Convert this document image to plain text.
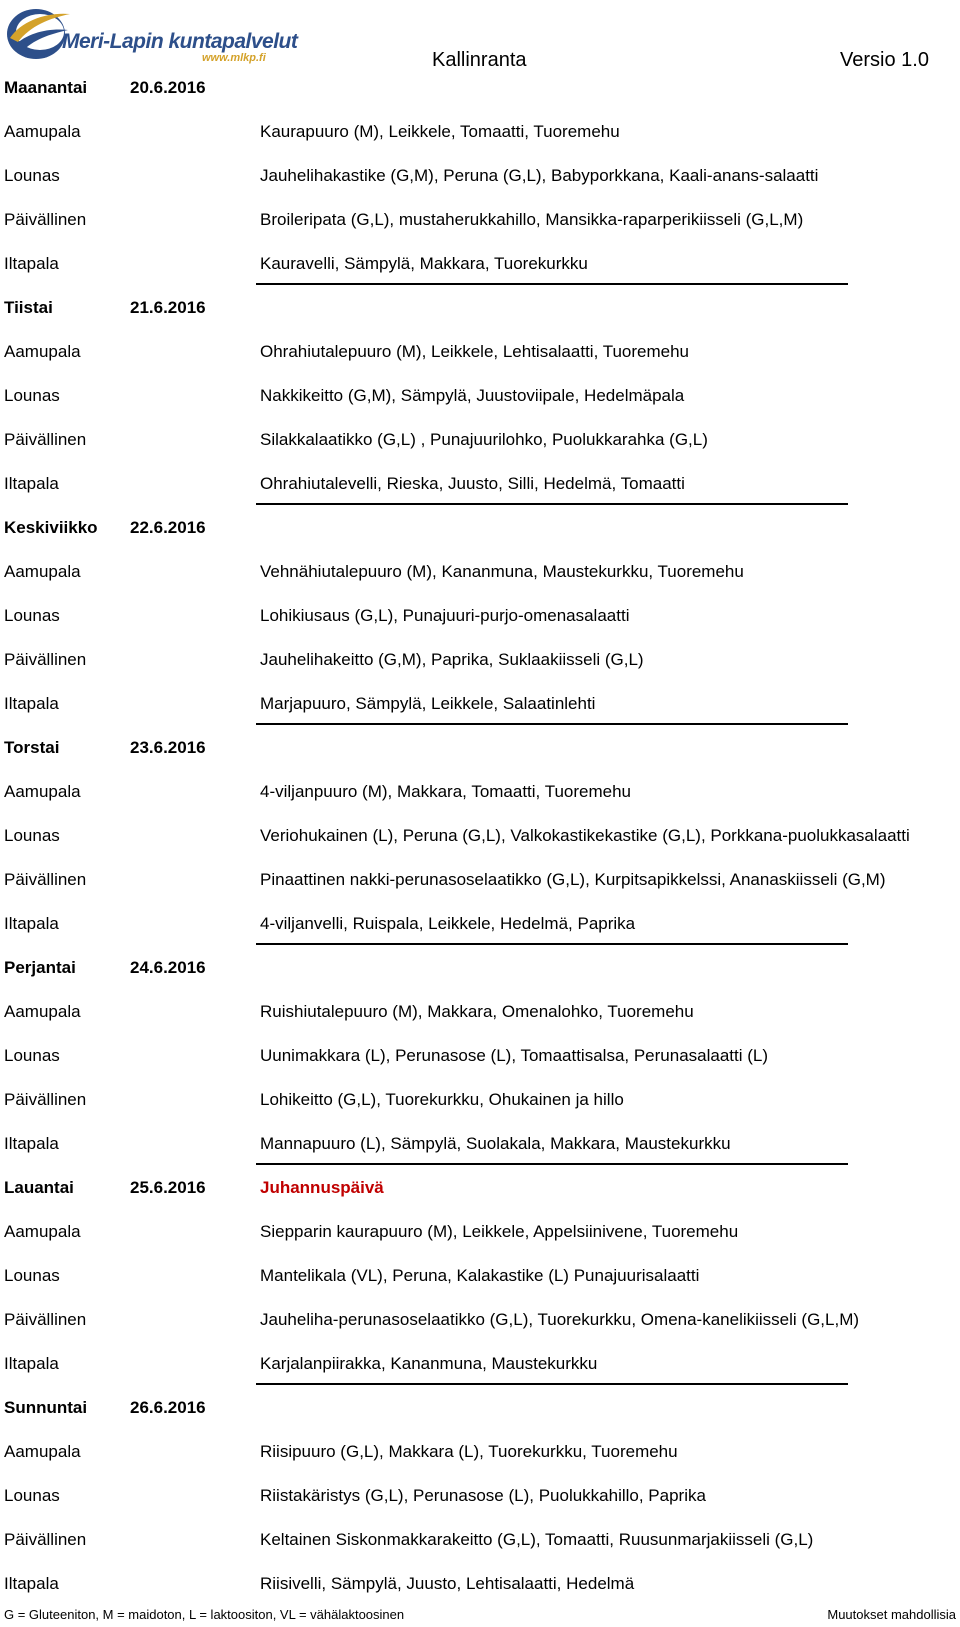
Meri-Lapin kuntapalvelut
www.mlkp.fi	Kallinranta	Versio 1.0
Maanantai	20.6.2016
Aamupala	Kaurapuuro (M), Leikkele, Tomaatti, Tuoremehu
Lounas	Jauhelihakastike (G,M), Peruna (G,L), Babyporkkana, Kaali-anans-salaatti
Päivällinen	Broileripata (G,L), mustaherukkahillo, Mansikka-raparperikiisseli (G,L,M)
Iltapala	Kauravelli, Sämpylä, Makkara, Tuorekurkku
Tiistai	21.6.2016
Aamupala	Ohrahiutalepuuro (M), Leikkele, Lehtisalaatti, Tuoremehu
Lounas	Nakkikeitto (G,M), Sämpylä, Juustoviipale, Hedelmäpala
Päivällinen	Silakkalaatikko (G,L) , Punajuurilohko, Puolukkarahka (G,L)
Iltapala	Ohrahiutalevelli, Rieska, Juusto, Silli, Hedelmä, Tomaatti
Keskiviikko 22.6.2016
Aamupala	Vehnähiutalepuuro (M), Kananmuna, Maustekurkku, Tuoremehu
Lounas	Lohikiusaus (G,L), Punajuuri-purjo-omenasalaatti
Päivällinen	Jauhelihakeitto (G,M), Paprika, Suklaakiisseli (G,L)
Iltapala	Marjapuuro, Sämpylä, Leikkele, Salaatinlehti
Torstai	23.6.2016
Aamupala	4-viljanpuuro (M), Makkara, Tomaatti, Tuoremehu
Lounas	Veriohukainen (L), Peruna (G,L), Valkokastikekastike (G,L), Porkkana-puolukkasalaatti
Päivällinen	Pinaattinen nakki-perunasoselaatikko (G,L), Kurpitsapikkelssi, Ananaskiisseli (G,M)
Iltapala	4-viljanvelli, Ruispala, Leikkele, Hedelmä, Paprika
Perjantai	24.6.2016
Aamupala	Ruishiutalepuuro (M), Makkara, Omenalohko, Tuoremehu
Lounas	Uunimakkara (L), Perunasose (L), Tomaattisalsa, Perunasalaatti (L)
Päivällinen	Lohikeitto (G,L), Tuorekurkku, Ohukainen ja hillo
Iltapala	Mannapuuro (L), Sämpylä, Suolakala, Makkara, Maustekurkku
Lauantai	25.6.2016	Juhannuspäivä
Aamupala	Siepparin kaurapuuro (M), Leikkele, Appelsiinivene, Tuoremehu
Lounas	Mantelikala (VL), Peruna, Kalakastike (L) Punajuurisalaatti
Päivällinen	Jauheliha-perunasoselaatikko (G,L), Tuorekurkku, Omena-kanelikiisseli (G,L,M)
Iltapala	Karjalanpiirakka, Kananmuna, Maustekurkku
Sunnuntai	26.6.2016
Aamupala	Riisipuuro (G,L), Makkara (L), Tuorekurkku, Tuoremehu
Lounas	Riistakäristys (G,L), Perunasose (L), Puolukkahillo, Paprika
Päivällinen	Keltainen Siskonmakkarakeitto (G,L), Tomaatti, Ruusunmarjakiisseli (G,L)
Iltapala	Riisivelli, Sämpylä, Juusto, Lehtisalaatti, Hedelmä
G = Gluteeniton, M = maidoton, L = laktoositon, VL = vähälaktoosinen	Muutokset mahdollisia
